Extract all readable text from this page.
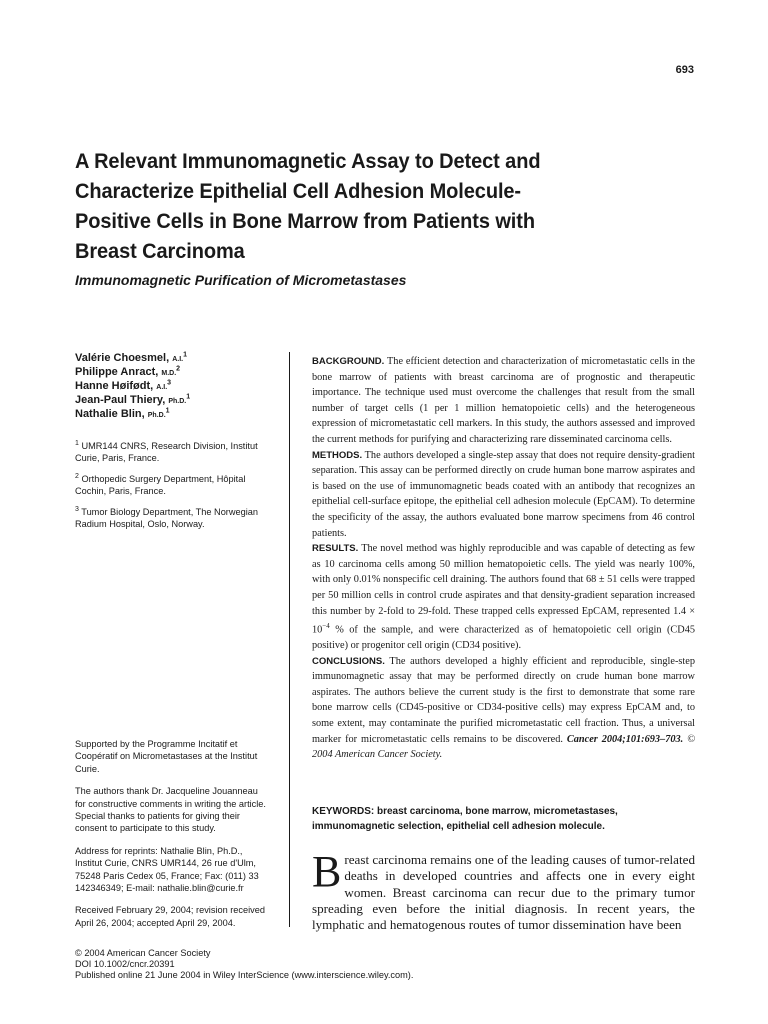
693
A Relevant Immunomagnetic Assay to Detect and
Characterize Epithelial Cell Adhesion Molecule-
Positive Cells in Bone Marrow from Patients with
Breast Carcinoma
Immunomagnetic Purification of Micrometastases
Valérie Choesmel, A.I.$^1$
Philippe Anract, M.D.$^2$
Hanne Høifødt, A.I.$^3$
Jean-Paul Thiery, Ph.D.$^1$
Nathalie Blin, Ph.D.$^1$
$^1$ UMR144 CNRS, Research Division, Institut Curie, Paris, France.
$^2$ Orthopedic Surgery Department, Hôpital Cochin, Paris, France.
$^3$ Tumor Biology Department, The Norwegian Radium Hospital, Oslo, Norway.

Supported by the Programme Incitatif et Coopératif on Micrometastases at the Institut Curie.

The authors thank Dr. Jacqueline Jouanneau for constructive comments in writing the article. Special thanks to patients for giving their consent to participate to this study.

Address for reprints: Nathalie Blin, Ph.D., Institut Curie, CNRS UMR144, 26 rue d'Ulm, 75248 Paris Cedex 05, France; Fax: (011) 33 142346349; E-mail: nathalie.blin@curie.fr

Received February 29, 2004; revision received April 26, 2004; accepted April 29, 2004.

© 2004 American Cancer Society
DOI 10.1002/cncr.20391
Published online 21 June 2004 in Wiley InterScience (www.interscience.wiley.com).

BACKGROUND. The efficient detection and characterization of micrometastatic cells in the bone marrow of patients with breast carcinoma are of prognostic and therapeutic importance. The technique used must overcome the challenges that result from the small number of target cells (1 per 1 million hematopoietic cells) and the heterogeneous expression of micrometastatic cell markers. In this study, the authors assessed and improved the current methods for purifying and characterizing rare disseminated carcinoma cells.

METHODS. The authors developed a single-step assay that does not require density-gradient separation. This assay can be performed directly on crude human bone marrow aspirates and is based on the use of immunomagnetic beads coated with an antibody that recognizes an epithelial cell-surface epitope, the epithelial cell adhesion molecule (EpCAM). To determine the specificity of the assay, the authors evaluated bone marrow specimens from 46 control patients.

RESULTS. The novel method was highly reproducible and was capable of detecting as few as 10 carcinoma cells among 50 million hematopoietic cells. The yield was nearly 100%, with only 0.01% nonspecific cell draining. The authors found that 68 ± 51 cells were trapped per 50 million cells in control crude aspirates and that density-gradient separation increased this number by 2-fold to 29-fold. These trapped cells expressed EpCAM, represented $1.4 \times 10^{-4}$ % of the sample, and were characterized as of hematopoietic cell origin (CD45 positive) or progenitor cell origin (CD34 positive).

CONCLUSIONS. The authors developed a highly efficient and reproducible, single-step immunomagnetic assay that may be performed directly on crude human bone marrow aspirates. The authors believe the current study is the first to demonstrate that some rare bone marrow cells (CD45-positive or CD34-positive cells) may express EpCAM and, to some extent, may contaminate the purified micrometastatic cell fraction. Thus, a universal marker for micrometastatic cells remains to be discovered. Cancer 2004;101:693–703. © 2004 American Cancer Society.

KEYWORDS: breast carcinoma, bone marrow, micrometastases, immunomagnetic selection, epithelial cell adhesion molecule.
Breast carcinoma remains one of the leading causes of tumor-related deaths in developed countries and affects one in every eight women. Breast carcinoma can recur due to the primary tumor spreading even before the initial diagnosis. In recent years, the lymphatic and hematogenous routes of tumor dissemination have been
